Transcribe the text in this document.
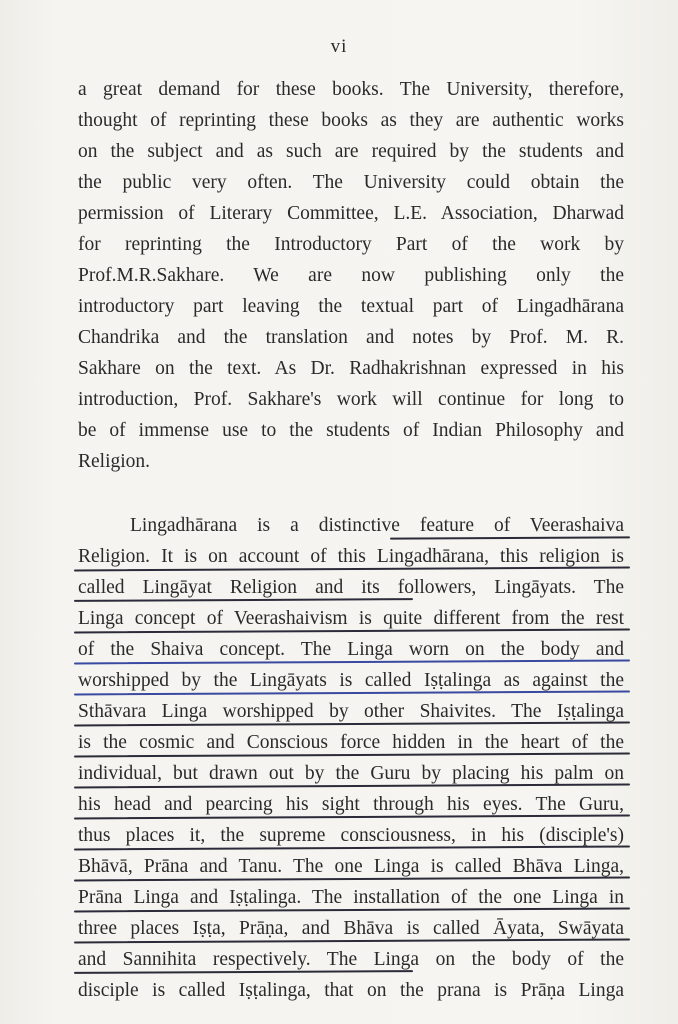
vi
a great demand for these books. The University, therefore,
thought of reprinting these books as they are authentic works
on the subject and as such are required by the students and
the public very often. The University could obtain the
permission of Literary Committee, L.E. Association, Dharwad
for reprinting the Introductory Part of the work by
Prof.M.R.Sakhare. We are now publishing only the
introductory part leaving the textual part of Lingadhārana
Chandrika and the translation and notes by Prof. M. R.
Sakhare on the text. As Dr. Radhakrishnan expressed in his
introduction, Prof. Sakhare's work will continue for long to
be of immense use to the students of Indian Philosophy and
Religion.
Lingadhārana is a distinctive feature of Veerashaiva
Religion. It is on account of this Lingadhārana, this religion is
called Lingāyat Religion and its followers, Lingāyats. The
Linga concept of Veerashaivism is quite different from the rest
of the Shaiva concept. The Linga worn on the body and
worshipped by the Lingāyats is called Iṣṭalinga as against the
Sthāvara Linga worshipped by other Shaivites. The Iṣṭalinga
is the cosmic and Conscious force hidden in the heart of the
individual, but drawn out by the Guru by placing his palm on
his head and pearcing his sight through his eyes. The Guru,
thus places it, the supreme consciousness, in his (disciple's)
Bhāvā, Prāna and Tanu. The one Linga is called Bhāva Linga,
Prāna Linga and Iṣṭalinga. The installation of the one Linga in
three places Iṣṭa, Prāṇa, and Bhāva is called Āyata, Swāyata
and Sannihita respectively. The Linga on the body of the
disciple is called Iṣṭalinga, that on the prana is Prāṇa Linga
